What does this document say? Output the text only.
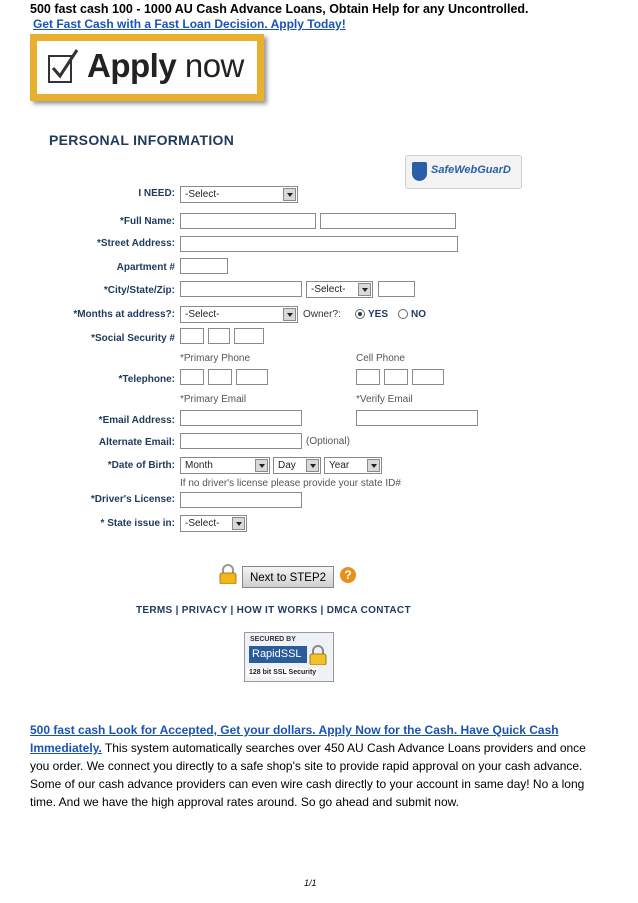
500 fast cash 100 - 1000 AU Cash Advance Loans, Obtain Help for any Uncontrolled.
Get Fast Cash with a Fast Loan Decision. Apply Today!
Apply now
PERSONAL INFORMATION
SafeWebGuarD
I NEED:	-Select-
*Full Name:
*Street Address:
Apartment #
*City/State/Zip:	-Select-
*Months at address?:	-Select-	Owner?:	YES NO
*Social Security #
*Primary Phone	Cell Phone
*Telephone:
*Primary Email	*Verify Email
*Email Address:
Alternate Email:	(Optional)
*Date of Birth:	Month	Day	Year
If no driver's license please provide your state ID#
*Driver's License:
* State issue in:	-Select-
Next to STEP2	?
TERMS | PRIVACY | HOW IT WORKS | DMCA CONTACT
SECURED BY
RapidSSL
128 bit SSL Security
500 fast cash Look for Accepted, Get your dollars. Apply Now for the Cash. Have Quick Cash Immediately. This system automatically searches over 450 AU Cash Advance Loans providers and once you order. We connect you directly to a safe shop's site to provide rapid approval on your cash advance. Some of our cash advance providers can even wire cash directly to your account in same day! No a long time. And we have the high approval rates around. So go ahead and submit now.
1/1
